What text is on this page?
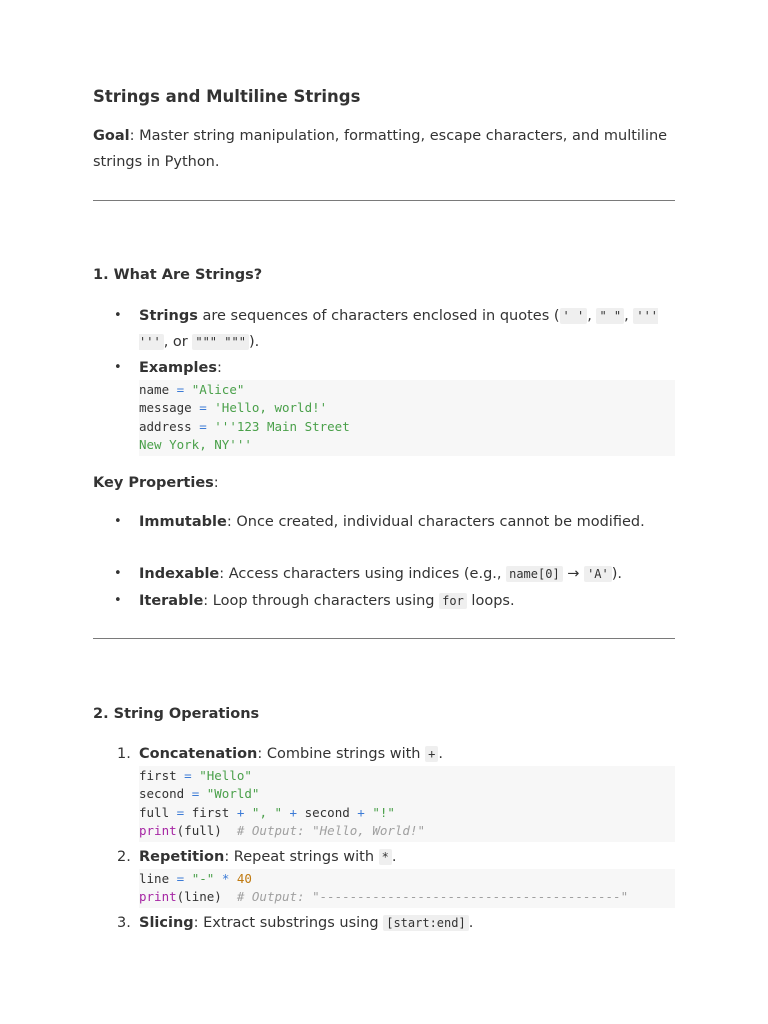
Strings and Multiline Strings
Goal: Master string manipulation, formatting, escape characters, and multiline strings in Python.
1. What Are Strings?
• Strings are sequences of characters enclosed in quotes ( ' ' , " " , ''' ''' , or """ """ ).
• Examples:
name = "Alice"
message = 'Hello, world!'
address = '''123 Main Street
New York, NY'''
Key Properties:
• Immutable: Once created, individual characters cannot be modified.
• Indexable: Access characters using indices (e.g., name[0] → 'A' ).
• Iterable: Loop through characters using for loops.
2. String Operations
1. Concatenation: Combine strings with + .
first = "Hello"
second = "World"
full = first + ", " + second + "!"
print(full)  # Output: "Hello, World!"
2. Repetition: Repeat strings with * .
line = "-" * 40
print(line)  # Output: "----------------------------------------"
3. Slicing: Extract substrings using [start:end] .
